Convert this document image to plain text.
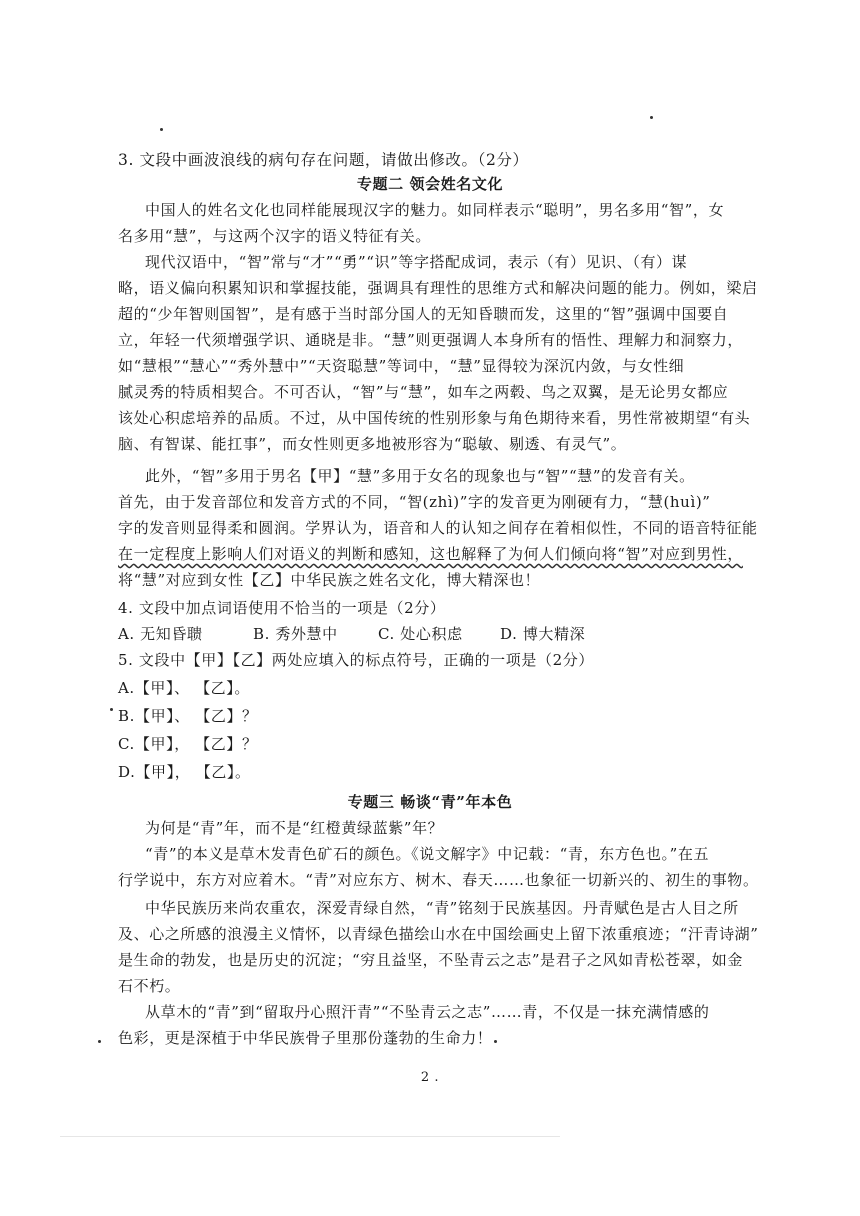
3. 文段中画波浪线的病句存在问题，请做出修改。（2分）
专题二 领会姓名文化
中国人的姓名文化也同样能展现汉字的魅力。如同样表示“聪明”，男名多用“智”，女
名多用“慧”，与这两个汉字的语义特征有关。
现代汉语中，“智”常与“才”“勇”“识”等字搭配成词，表示（有）见识、（有）谋
略，语义偏向积累知识和掌握技能，强调具有理性的思维方式和解决问题的能力。例如，梁启
超的“少年智则国智”，是有感于当时部分国人的无知昏聩而发，这里的“智”强调中国要自
立，年轻一代须增强学识、通晓是非。“慧”则更强调人本身所有的悟性、理解力和洞察力，
如“慧根”“慧心”“秀外慧中”“天资聪慧”等词中，“慧”显得较为深沉内敛，与女性细
腻灵秀的特质相契合。不可否认，“智”与“慧”，如车之两毂、鸟之双翼，是无论男女都应
该处心积虑培养的品质。不过，从中国传统的性别形象与角色期待来看，男性常被期望“有头
脑、有智谋、能扛事”，而女性则更多地被形容为“聪敏、剔透、有灵气”。
此外，“智”多用于男名【甲】“慧”多用于女名的现象也与“智”“慧”的发音有关。
首先，由于发音部位和发音方式的不同，“智(zhì)”字的发音更为刚硬有力，“慧(huì)”
字的发音则显得柔和圆润。学界认为，语音和人的认知之间存在着相似性，不同的语音特征能
在一定程度上影响人们对语义的判断和感知，这也解释了为何人们倾向将“智”对应到男性，
将“慧”对应到女性【乙】中华民族之姓名文化，博大精深也！
4. 文段中加点词语使用不恰当的一项是（2分）
A. 无知昏聩	B. 秀外慧中	C. 处心积虑 D. 博大精深
5. 文段中【甲】【乙】两处应填入的标点符号，正确的一项是（2分）
A.【甲】、 【乙】。
B.【甲】、 【乙】？
C.【甲】， 【乙】？
D.【甲】， 【乙】。
专题三 畅谈“青”年本色
为何是“青”年，而不是“红橙黄绿蓝紫”年？
“青”的本义是草木发青色矿石的颜色。《说文解字》中记载：“青，东方色也。”在五
行学说中，东方对应着木。“青”对应东方、树木、春天……也象征一切新兴的、初生的事物。
中华民族历来尚农重农，深爱青绿自然，“青”铭刻于民族基因。丹青赋色是古人目之所
及、心之所感的浪漫主义情怀，以青绿色描绘山水在中国绘画史上留下浓重痕迹；“汗青诗湖”
是生命的勃发，也是历史的沉淀；“穷且益坚，不坠青云之志”是君子之风如青松苍翠，如金
石不朽。
从草木的“青”到“留取丹心照汗青”“不坠青云之志”……青，不仅是一抹充满情感的
色彩，更是深植于中华民族骨子里那份蓬勃的生命力！
2 .
